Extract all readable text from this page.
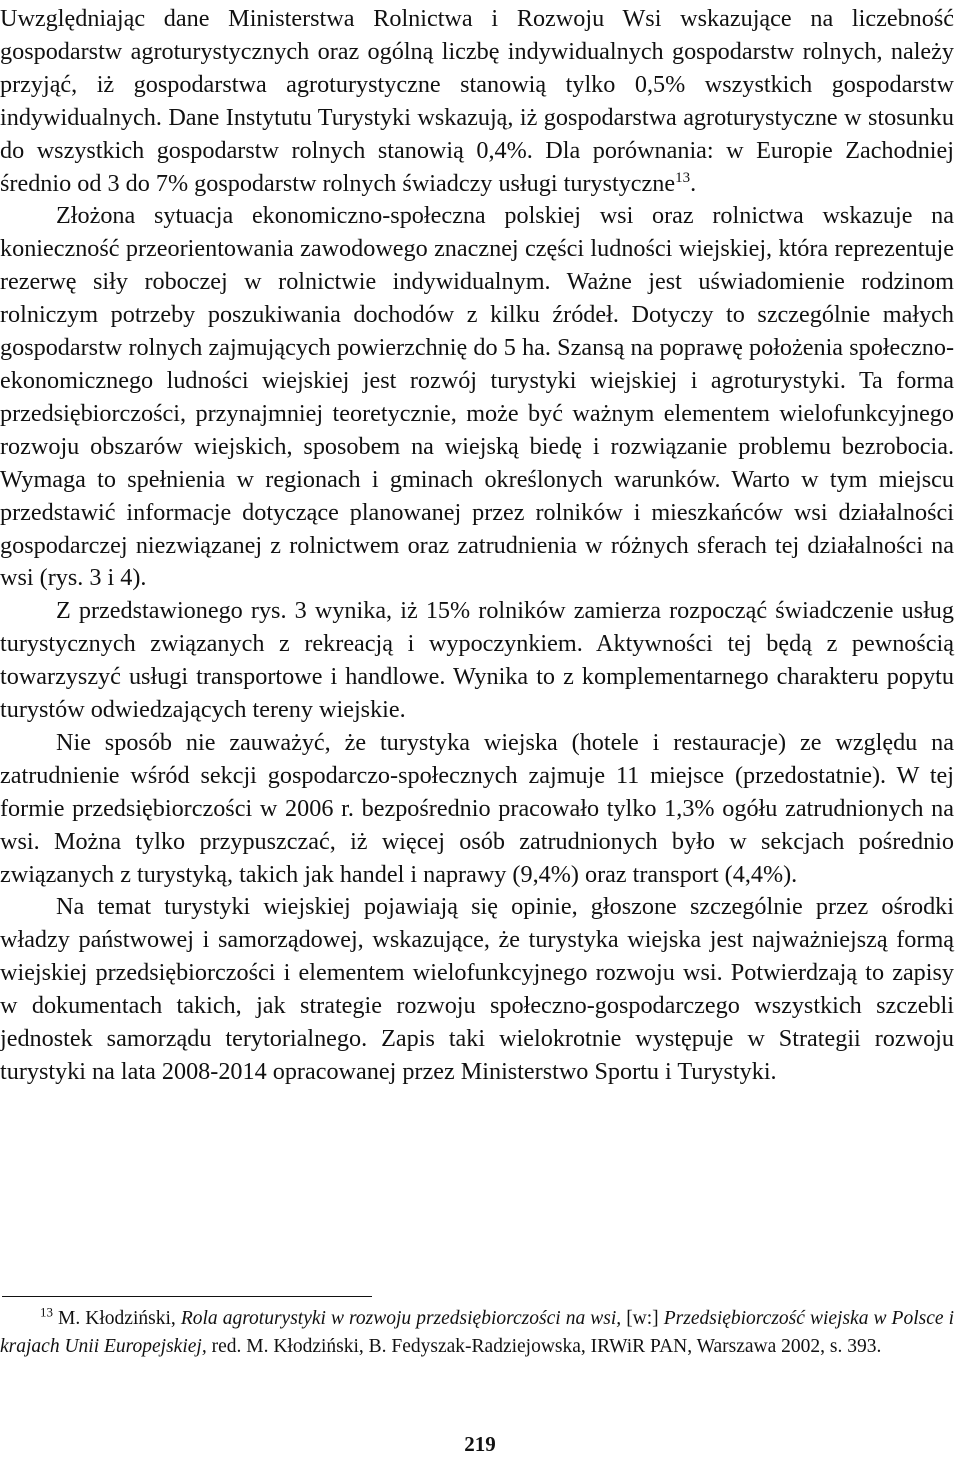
Uwzględniając dane Ministerstwa Rolnictwa i Rozwoju Wsi wskazujące na liczebność gospodarstw agroturystycznych oraz ogólną liczbę indywidualnych gospodarstw rolnych, należy przyjąć, iż gospodarstwa agroturystyczne stanowią tylko 0,5% wszystkich gospodarstw indywidualnych. Dane Instytutu Turystyki wskazują, iż gospodarstwa agroturystyczne w stosunku do wszystkich gospodarstw rolnych stanowią 0,4%. Dla porównania: w Europie Zachodniej średnio od 3 do 7% gospodarstw rolnych świadczy usługi turystyczne$^{13}$.

Złożona sytuacja ekonomiczno-społeczna polskiej wsi oraz rolnictwa wskazuje na konieczność przeorientowania zawodowego znacznej części ludności wiejskiej, która reprezentuje rezerwę siły roboczej w rolnictwie indywidualnym. Ważne jest uświadomienie rodzinom rolniczym potrzeby poszukiwania dochodów z kilku źródeł. Dotyczy to szczególnie małych gospodarstw rolnych zajmujących powierzchnię do 5 ha. Szansą na poprawę położenia społeczno-ekonomicznego ludności wiejskiej jest rozwój turystyki wiejskiej i agroturystyki. Ta forma przedsiębiorczości, przynajmniej teoretycznie, może być ważnym elementem wielofunkcyjnego rozwoju obszarów wiejskich, sposobem na wiejską biedę i rozwiązanie problemu bezrobocia. Wymaga to spełnienia w regionach i gminach określonych warunków. Warto w tym miejscu przedstawić informacje dotyczące planowanej przez rolników i mieszkańców wsi działalności gospodarczej niezwiązanej z rolnictwem oraz zatrudnienia w różnych sferach tej działalności na wsi (rys. 3 i 4).

Z przedstawionego rys. 3 wynika, iż 15% rolników zamierza rozpocząć świadczenie usług turystycznych związanych z rekreacją i wypoczynkiem. Aktywności tej będą z pewnością towarzyszyć usługi transportowe i handlowe. Wynika to z komplementarnego charakteru popytu turystów odwiedzających tereny wiejskie.

Nie sposób nie zauważyć, że turystyka wiejska (hotele i restauracje) ze względu na zatrudnienie wśród sekcji gospodarczo-społecznych zajmuje 11 miejsce (przedostatnie). W tej formie przedsiębiorczości w 2006 r. bezpośrednio pracowało tylko 1,3% ogółu zatrudnionych na wsi. Można tylko przypuszczać, iż więcej osób zatrudnionych było w sekcjach pośrednio związanych z turystyką, takich jak handel i naprawy (9,4%) oraz transport (4,4%).

Na temat turystyki wiejskiej pojawiają się opinie, głoszone szczególnie przez ośrodki władzy państwowej i samorządowej, wskazujące, że turystyka wiejska jest najważniejszą formą wiejskiej przedsiębiorczości i elementem wielofunkcyjnego rozwoju wsi. Potwierdzają to zapisy w dokumentach takich, jak strategie rozwoju społeczno-gospodarczego wszystkich szczebli jednostek samorządu terytorialnego. Zapis taki wielokrotnie występuje w Strategii rozwoju turystyki na lata 2008-2014 opracowanej przez Ministerstwo Sportu i Turystyki.

$^{13}$ M. Kłodziński, Rola agroturystyki w rozwoju przedsiębiorczości na wsi, [w:] Przedsiębiorczość wiejska w Polsce i krajach Unii Europejskiej, red. M. Kłodziński, B. Fedyszak-Radziejowska, IRWiR PAN, Warszawa 2002, s. 393.

219
